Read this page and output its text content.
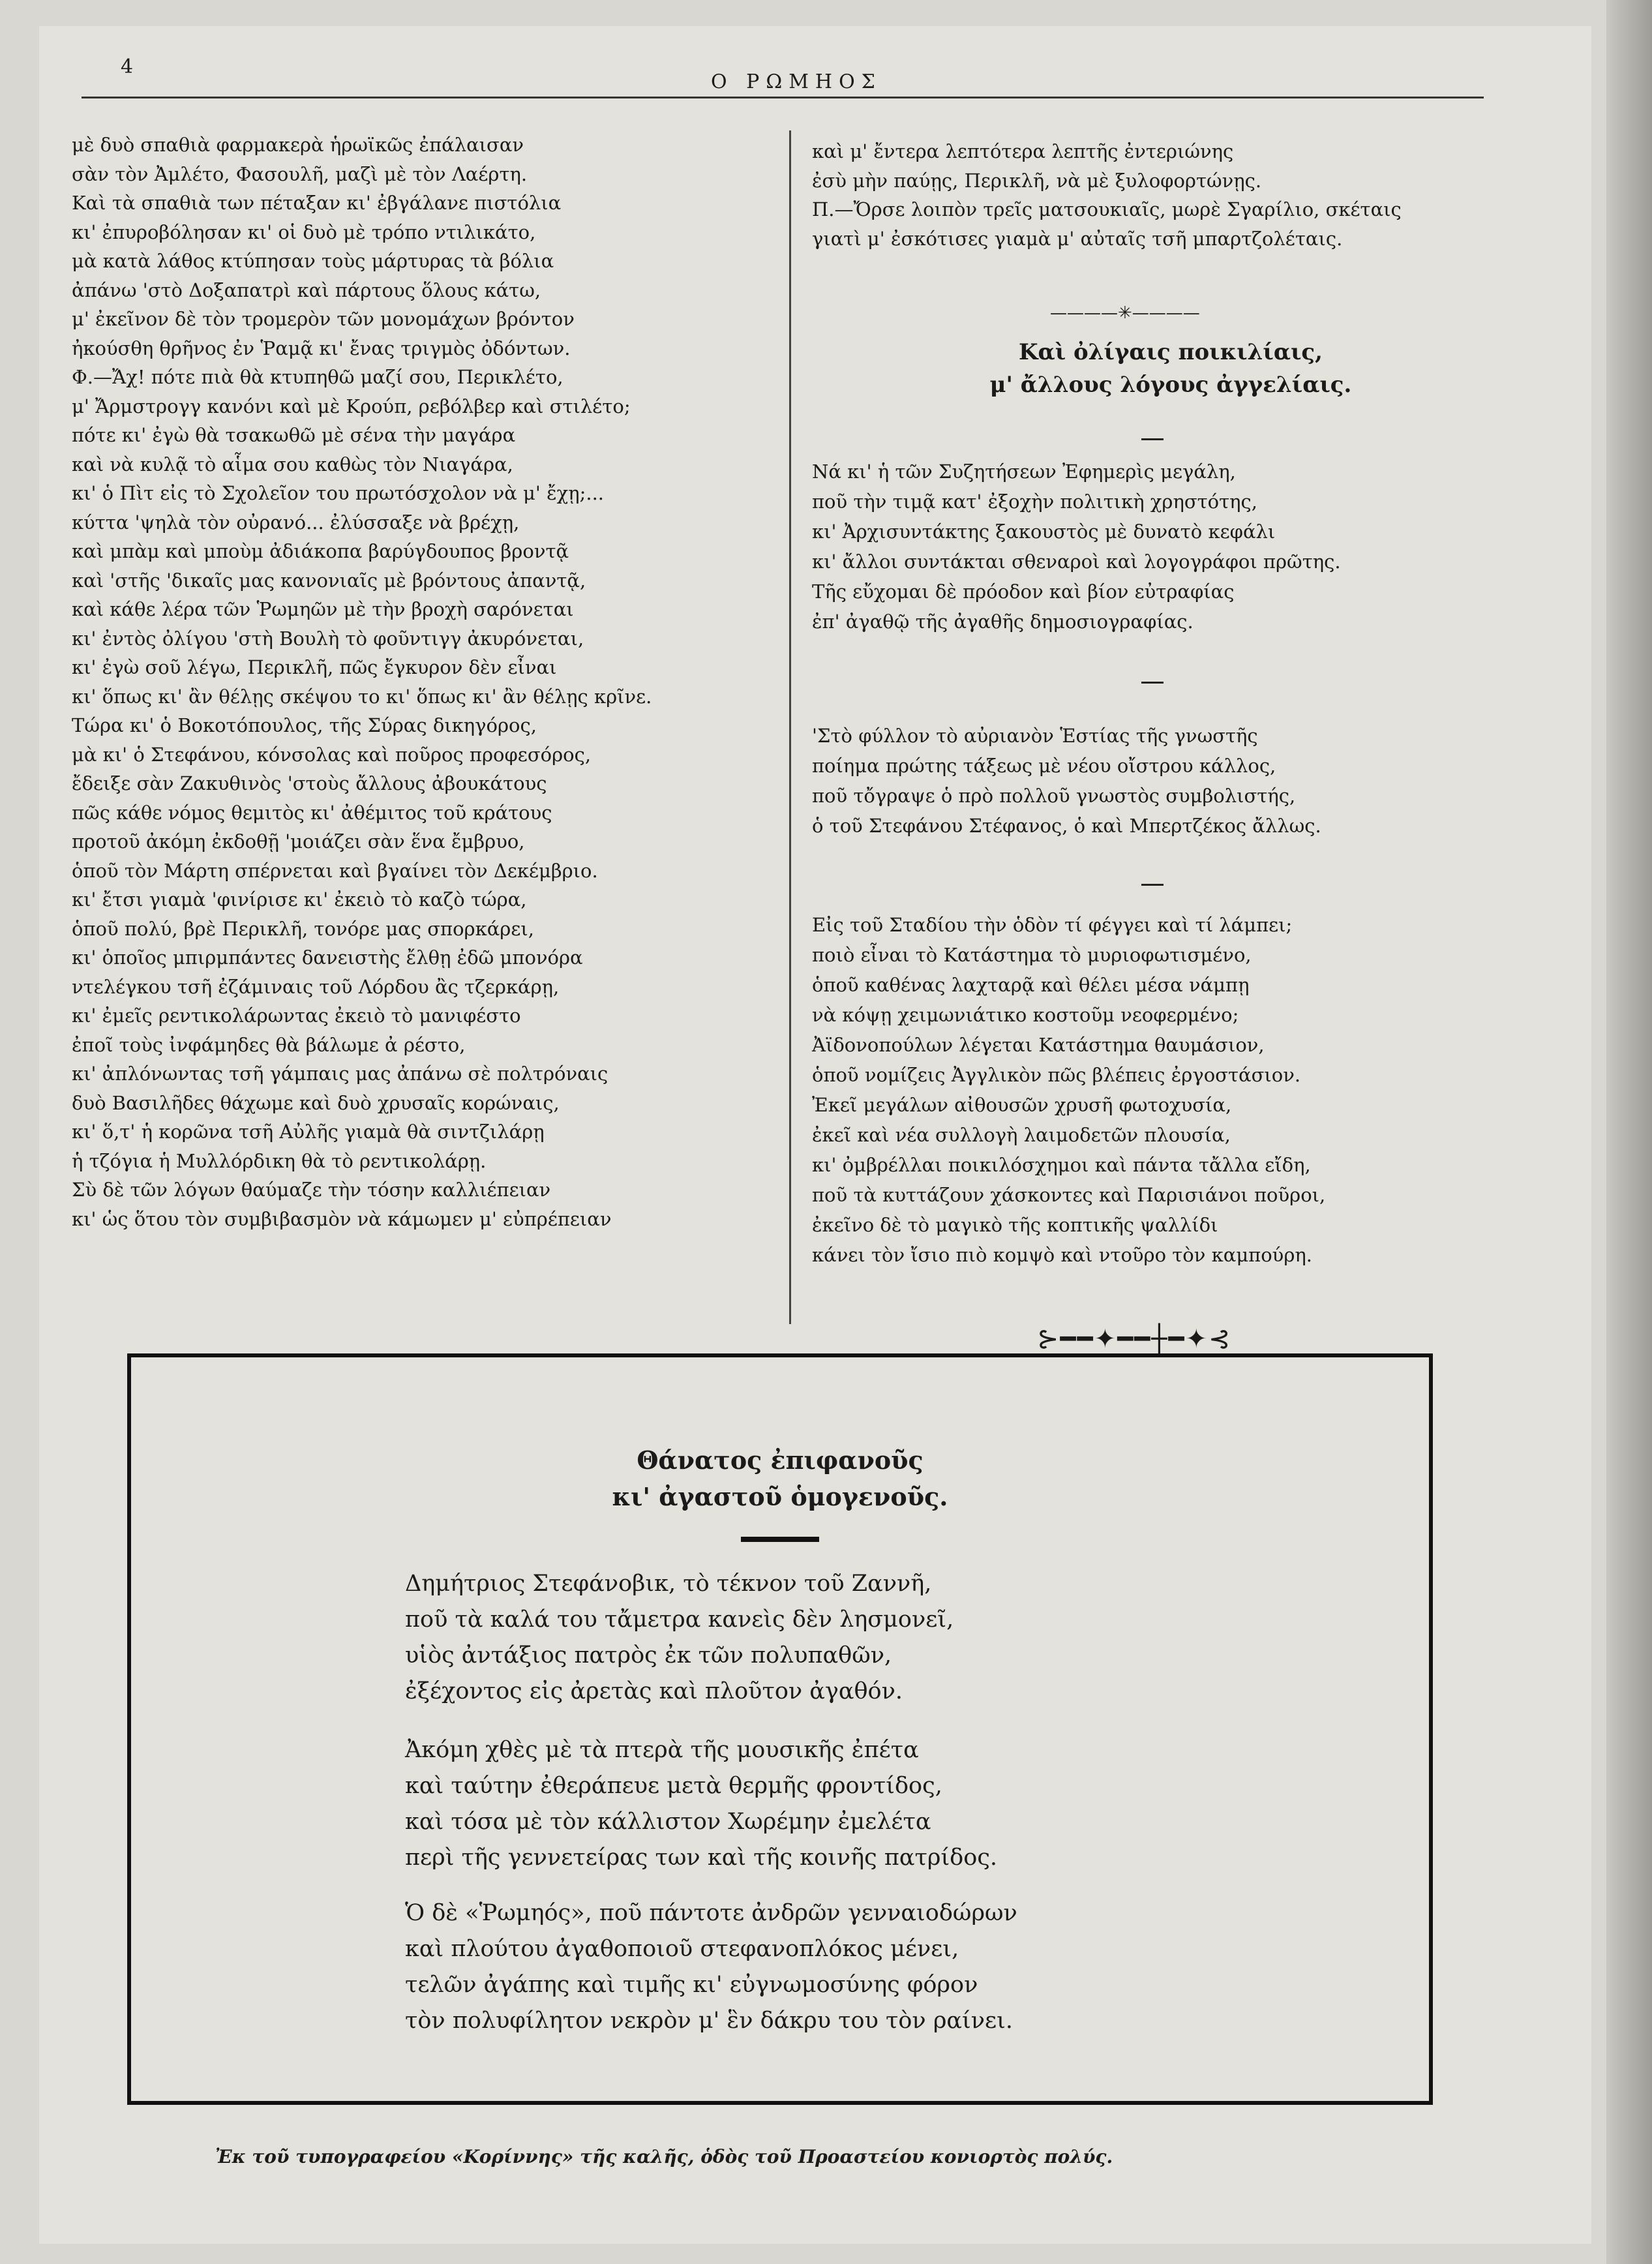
4
Ο ΡΩΜΗΟΣ

μὲ δυὸ σπαθιὰ φαρμακερὰ ἡρωϊκῶς ἐπάλαισαν

σὰν τὸν Ἀμλέτο, Φασουλῆ, μαζὶ μὲ τὸν Λαέρτη.

Καὶ τὰ σπαθιὰ των πέταξαν κι' ἐβγάλανε πιστόλια

κι' ἐπυροβόλησαν κι' οἱ δυὸ μὲ τρόπο ντιλικάτο,

μὰ κατὰ λάθος κτύπησαν τοὺς μάρτυρας τὰ βόλια

ἀπάνω 'στὸ Δοξαπατρὶ καὶ πάρτους ὅλους κάτω,

μ' ἐκεῖνον δὲ τὸν τρομερὸν τῶν μονομάχων βρόντον

ἠκούσθη θρῆνος ἐν Ῥαμᾷ κι' ἔνας τριγμὸς ὀδόντων.

Φ.—Ἄχ! πότε πιὰ θὰ κτυπηθῶ μαζί σου, Περικλέτο,

μ' Ἄρμστρογγ κανόνι καὶ μὲ Κρούπ, ρεβόλβερ καὶ στιλέτο;

πότε κι' ἐγὼ θὰ τσακωθῶ μὲ σένα τὴν μαγάρα

καὶ νὰ κυλᾷ τὸ αἷμα σου καθὼς τὸν Νιαγάρα,

κι' ὁ Πὶτ εἰς τὸ Σχολεῖον του πρωτόσχολον νὰ μ' ἔχῃ;...

κύττα 'ψηλὰ τὸν οὐρανό... ἐλύσσαξε νὰ βρέχῃ,

καὶ μπὰμ καὶ μποὺμ ἀδιάκοπα βαρύγδουπος βροντᾷ

καὶ 'στῆς 'δικαῖς μας κανονιαῖς μὲ βρόντους ἀπαντᾷ,

καὶ κάθε λέρα τῶν Ῥωμηῶν μὲ τὴν βροχὴ σαρόνεται

κι' ἐντὸς ὀλίγου 'στὴ Βουλὴ τὸ φοῦντιγγ ἀκυρόνεται,

κι' ἐγὼ σοῦ λέγω, Περικλῆ, πῶς ἔγκυρον δὲν εἶναι

κι' ὅπως κι' ἂν θέλῃς σκέψου το κι' ὅπως κι' ἂν θέλῃς κρῖνε.

Τώρα κι' ὁ Βοκοτόπουλος, τῆς Σύρας δικηγόρος,

μὰ κι' ὁ Στεφάνου, κόνσολας καὶ ποῦρος προφεσόρος,

ἔδειξε σὰν Ζακυθινὸς 'στοὺς ἄλλους ἀβουκάτους

πῶς κάθε νόμος θεμιτὸς κι' ἀθέμιτος τοῦ κράτους

προτοῦ ἀκόμη ἐκδοθῇ 'μοιάζει σὰν ἕνα ἔμβρυο,

ὁποῦ τὸν Μάρτη σπέρνεται καὶ βγαίνει τὸν Δεκέμβριο.

κι' ἔτσι γιαμὰ 'φινίρισε κι' ἐκειὸ τὸ καζὸ τώρα,

ὁποῦ πολύ, βρὲ Περικλῆ, τονόρε μας σπορκάρει,

κι' ὁποῖος μπιρμπάντες δανειστὴς ἔλθῃ ἐδῶ μπονόρα

ντελέγκου τσῆ ἐζάμιναις τοῦ Λόρδου ἂς τζερκάρῃ,

κι' ἐμεῖς ρεντικολάρωντας ἐκειὸ τὸ μανιφέστο

ἐποῖ τοὺς ἰνφάμηδες θὰ βάλωμε ἀ ρέστο,

κι' ἀπλόνωντας τσῆ γάμπαις μας ἀπάνω σὲ πολτρόναις

δυὸ Βασιλῆδες θάχωμε καὶ δυὸ χρυσαῖς κορώναις,

κι' ὅ,τ' ἡ κορῶνα τσῆ Αὐλῆς γιαμὰ θὰ σιντζιλάρῃ

ἡ τζόγια ἡ Μυλλόρδικη θὰ τὸ ρεντικολάρῃ.

Σὺ δὲ τῶν λόγων θαύμαζε τὴν τόσην καλλιέπειαν

κι' ὡς ὅτου τὸν συμβιβασμὸν νὰ κάμωμεν μ' εὐπρέπειαν

καὶ μ' ἔντερα λεπτότερα λεπτῆς ἐντεριώνης

ἐσὺ μὴν παύῃς, Περικλῆ, νὰ μὲ ξυλοφορτώνῃς.

Π.—Ὄρσε λοιπὸν τρεῖς ματσουκιαῖς, μωρὲ Σγαρίλιο, σκέταις

γιατὶ μ' ἐσκότισες γιαμὰ μ' αὐταῖς τσῆ μπαρτζολέταις.

————✳————

Καὶ ὀλίγαις ποικιλίαις,

μ' ἄλλους λόγους ἀγγελίαις.

Νά κι' ἡ τῶν Συζητήσεων Ἐφημερὶς μεγάλη,

ποῦ τὴν τιμᾷ κατ' ἐξοχὴν πολιτικὴ χρηστότης,

κι' Ἀρχισυντάκτης ξακουστὸς μὲ δυνατὸ κεφάλι

κι' ἄλλοι συντάκται σθεναροὶ καὶ λογογράφοι πρῶτης.

Τῆς εὔχομαι δὲ πρόοδον καὶ βίον εὐτραφίας

ἐπ' ἀγαθῷ τῆς ἀγαθῆς δημοσιογραφίας.

'Στὸ φύλλον τὸ αὐριανὸν Ἑστίας τῆς γνωστῆς

ποίημα πρώτης τάξεως μὲ νέου οἴστρου κάλλος,

ποῦ τὄγραψε ὁ πρὸ πολλοῦ γνωστὸς συμβολιστής,

ὁ τοῦ Στεφάνου Στέφανος, ὁ καὶ Μπερτζέκος ἄλλως.

Εἰς τοῦ Σταδίου τὴν ὁδὸν τί φέγγει καὶ τί λάμπει;

ποιὸ εἶναι τὸ Κατάστημα τὸ μυριοφωτισμένο,

ὁποῦ καθένας λαχταρᾷ καὶ θέλει μέσα νάμπῃ

νὰ κόψῃ χειμωνιάτικο κοστοῦμ νεοφερμένο;

Ἀϊδονοπούλων λέγεται Κατάστημα θαυμάσιον,

ὁποῦ νομίζεις Ἀγγλικὸν πῶς βλέπεις ἐργοστάσιον.

Ἐκεῖ μεγάλων αἰθουσῶν χρυσῆ φωτοχυσία,

ἐκεῖ καὶ νέα συλλογὴ λαιμοδετῶν πλουσία,

κι' ὀμβρέλλαι ποικιλόσχημοι καὶ πάντα τἄλλα εἴδη,

ποῦ τὰ κυττάζουν χάσκοντες καὶ Παρισιάνοι ποῦροι,

ἐκεῖνο δὲ τὸ μαγικὸ τῆς κοπτικῆς ψαλλίδι

κάνει τὸν ἴσιο πιὸ κομψὸ καὶ ντοῦρο τὸν καμπούρη.

⊱━━✦━━┼━✦⊰

Θάνατος ἐπιφανοῦς

κι' ἀγαστοῦ ὁμογενοῦς.

Δημήτριος Στεφάνοβικ, τὸ τέκνον τοῦ Ζαννῆ,

ποῦ τὰ καλά του τἄμετρα κανεὶς δὲν λησμονεῖ,

υἱὸς ἀντάξιος πατρὸς ἐκ τῶν πολυπαθῶν,

ἐξέχοντος εἰς ἀρετὰς καὶ πλοῦτον ἀγαθόν.

Ἀκόμη χθὲς μὲ τὰ πτερὰ τῆς μουσικῆς ἐπέτα

καὶ ταύτην ἐθεράπευε μετὰ θερμῆς φροντίδος,

καὶ τόσα μὲ τὸν κάλλιστον Χωρέμην ἐμελέτα

περὶ τῆς γεννετείρας των καὶ τῆς κοινῆς πατρίδος.

Ὁ δὲ «Ῥωμηός», ποῦ πάντοτε ἀνδρῶν γενναιοδώρων

καὶ πλούτου ἀγαθοποιοῦ στεφανοπλόκος μένει,

τελῶν ἀγάπης καὶ τιμῆς κι' εὐγνωμοσύνης φόρον

τὸν πολυφίλητον νεκρὸν μ' ἓν δάκρυ του τὸν ραίνει.

Ἐκ τοῦ τυπογραφείου «Κορίννης» τῆς καλῆς, ὁδὸς τοῦ Προαστείου κονιορτὸς πολύς.
